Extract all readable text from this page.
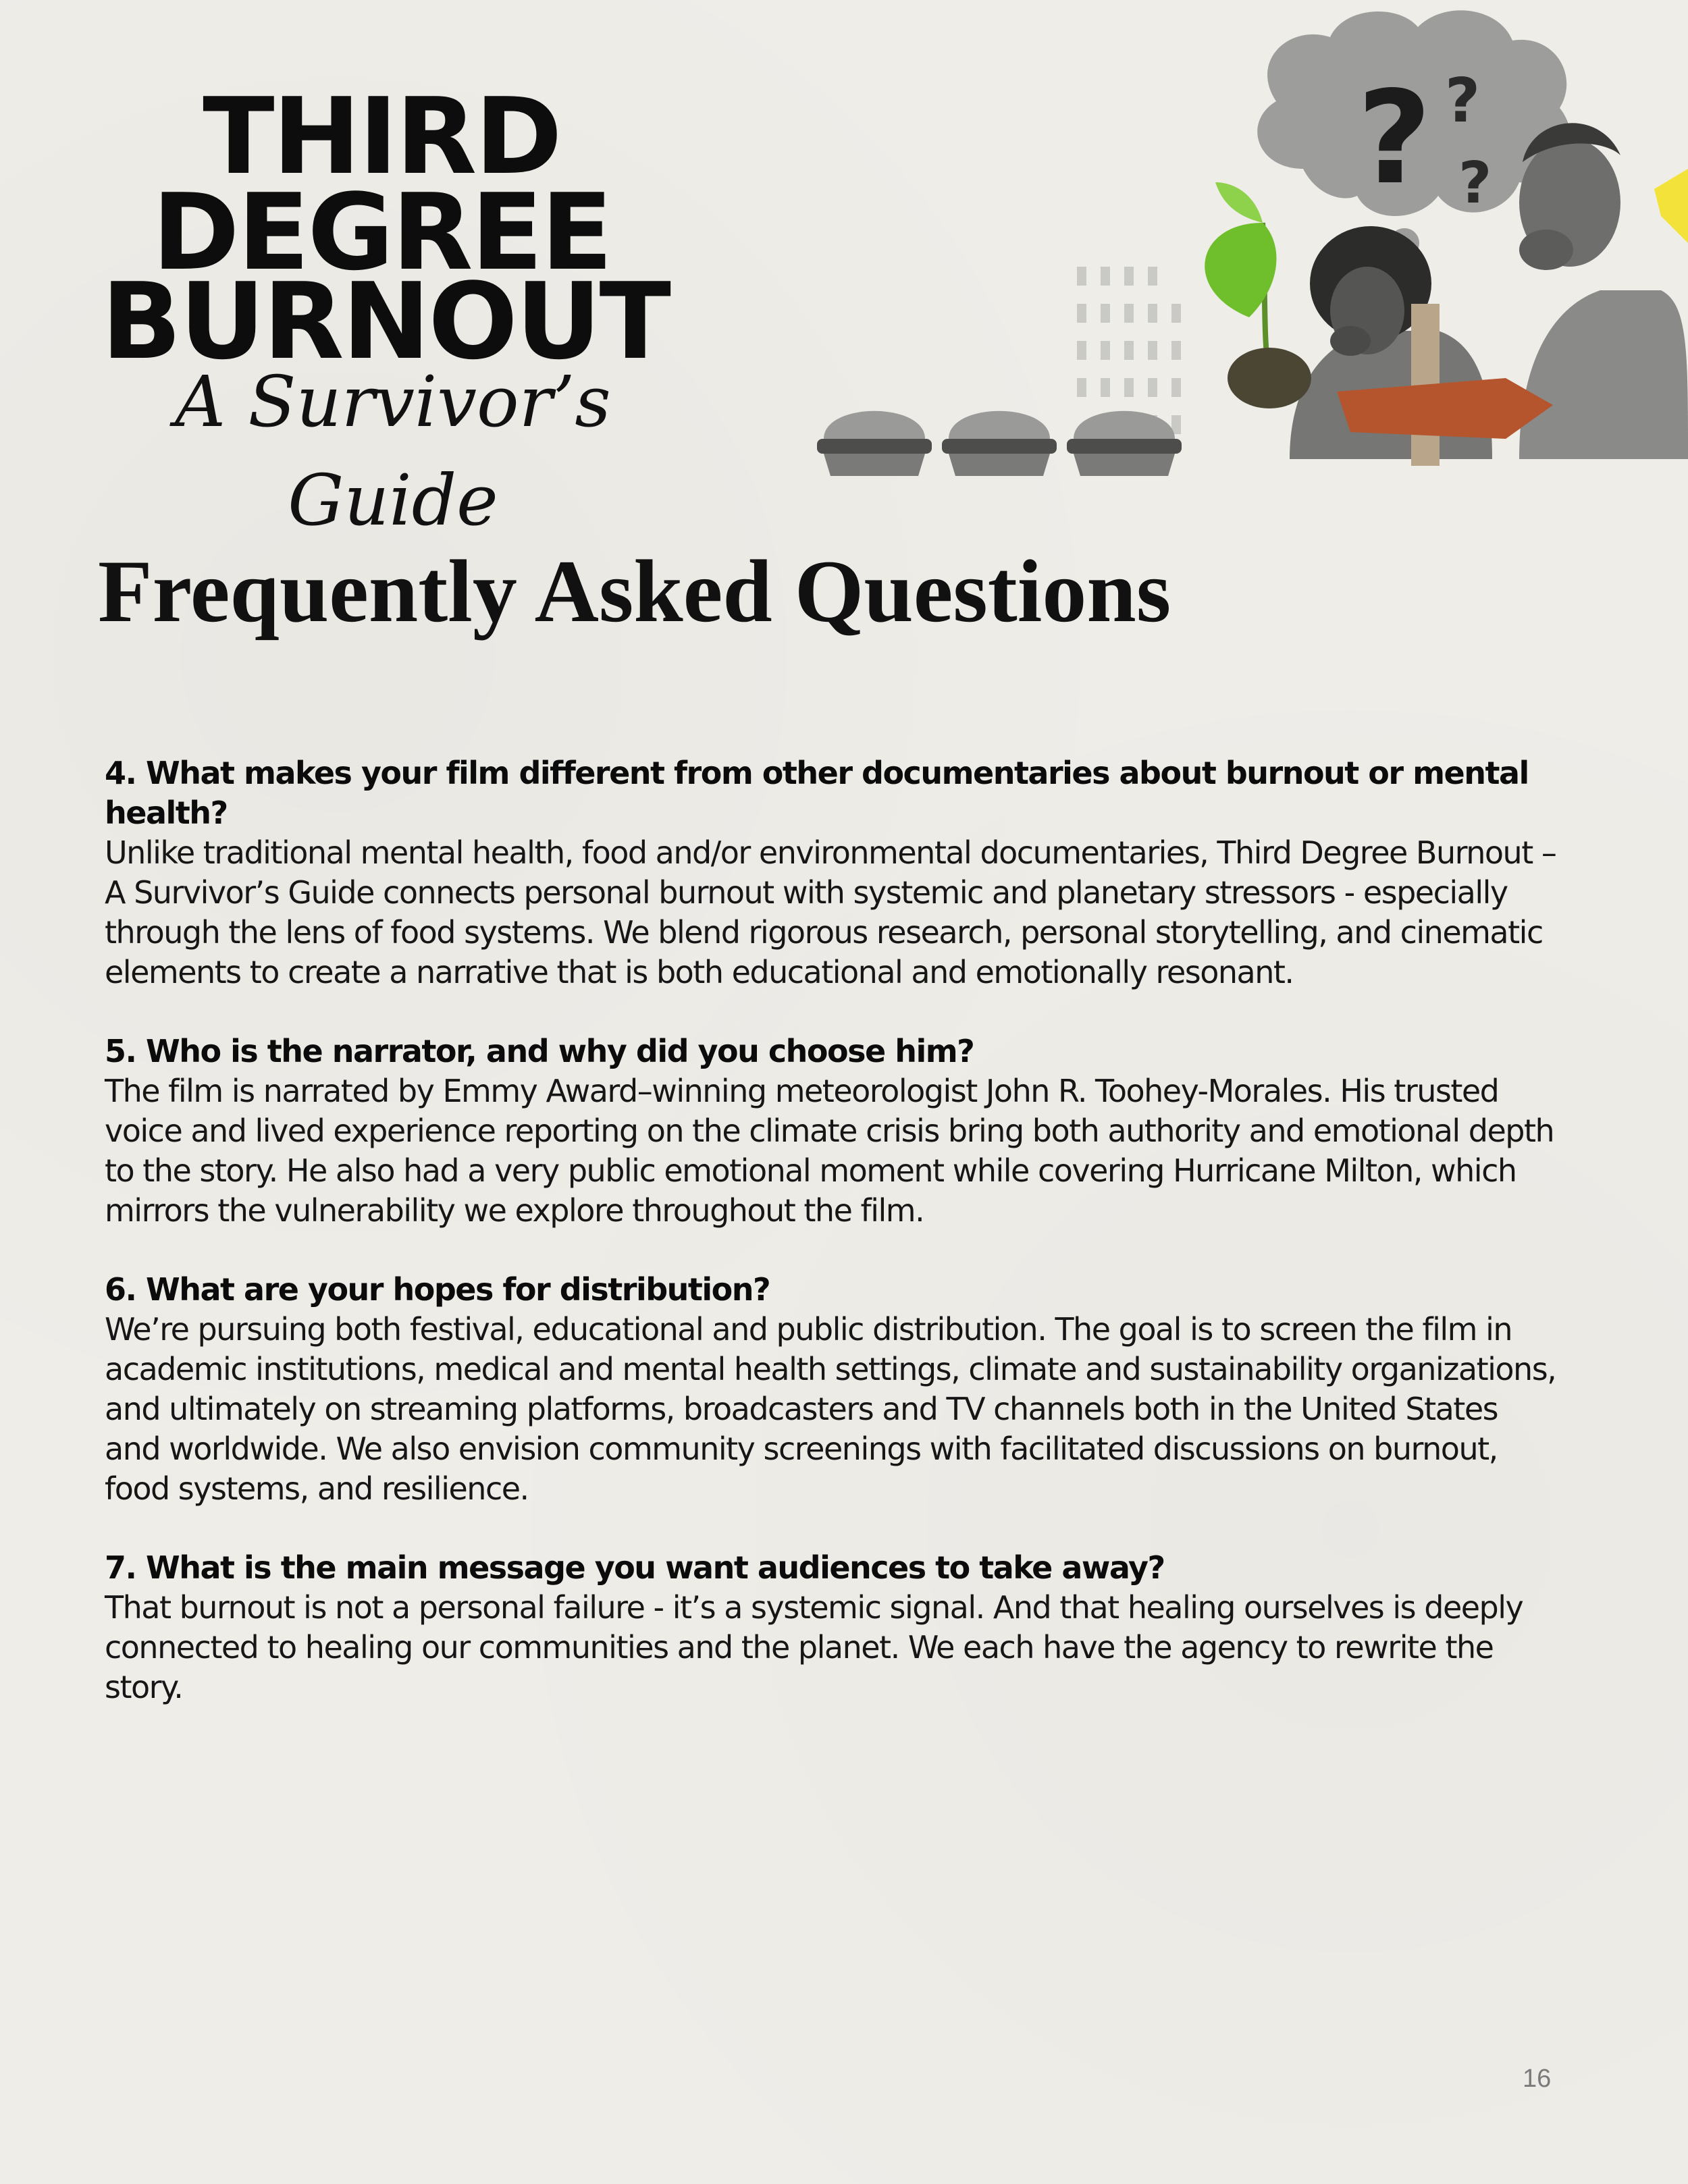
THIRD
DEGREE
BURNOUT
A Survivor’s Guide
? ?
?
Frequently Asked Questions

4. What makes your film different from other documentaries about burnout or mental health?

Unlike traditional mental health, food and/or environmental documentaries, Third Degree Burnout – A Survivor’s Guide connects personal burnout with systemic and planetary stressors - especially through the lens of food systems. We blend rigorous research, personal storytelling, and cinematic elements to create a narrative that is both educational and emotionally resonant.

5. Who is the narrator, and why did you choose him?

The film is narrated by Emmy Award–winning meteorologist John R. Toohey-Morales. His trusted voice and lived experience reporting on the climate crisis bring both authority and emotional depth to the story. He also had a very public emotional moment while covering Hurricane Milton, which mirrors the vulnerability we explore throughout the film.

6. What are your hopes for distribution?

We’re pursuing both festival, educational and public distribution. The goal is to screen the film in academic institutions, medical and mental health settings, climate and sustainability organizations, and ultimately on streaming platforms, broadcasters and TV channels both in the United States and worldwide. We also envision community screenings with facilitated discussions on burnout, food systems, and resilience.

7. What is the main message you want audiences to take away?

That burnout is not a personal failure - it’s a systemic signal. And that healing ourselves is deeply connected to healing our communities and the planet. We each have the agency to rewrite the story.

16
